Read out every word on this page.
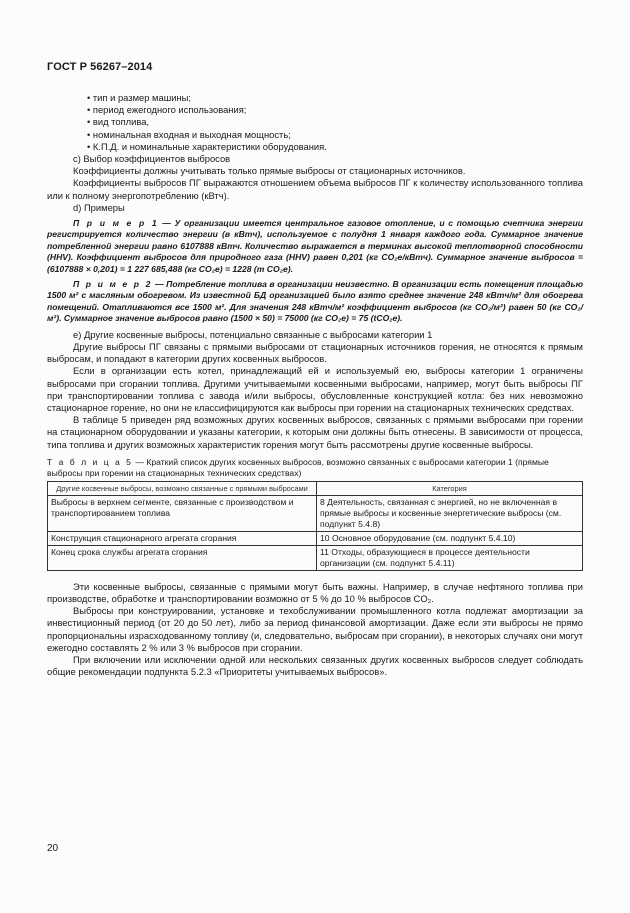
ГОСТ Р 56267–2014
• тип и размер машины;
• период ежегодного использования;
• вид топлива,
• номинальная входная и выходная мощность;
• К.П.Д. и номинальные характеристики оборудования.

c) Выбор коэффициентов выбросов

Коэффициенты должны учитывать только прямые выбросы от стационарных источников.

Коэффициенты выбросов ПГ выражаются отношением объема выбросов ПГ к количеству использованного топлива или к полному энергопотреблению (кВтч).

d) Примеры

П р и м е р 1 — У организации имеется центральное газовое отопление, и с помощью счетчика энергии регистрируется количество энергии (в кВтч), используемое с полудня 1 января каждого года. Суммарное значение потребленной энергии равно 6107888 кВтч. Количество выражается в терминах высокой теплотворной способности (HHV). Коэффициент выбросов для природного газа (HHV) равен 0,201 (кг CO₂е/кВтч). Суммарное значение выбросов = (6107888 × 0,201) = 1 227 685,488 (кг CO₂е) = 1228 (т CO₂е).

П р и м е р 2 — Потребление топлива в организации неизвестно. В организации есть помещения площадью 1500 м² с масляным обогревом. Из известной БД организацией было взято среднее значение 248 кВтч/м² для обогрева помещений. Отапливаются все 1500 м². Для значения 248 кВтч/м² коэффициент выбросов (кг CO₂/м²) равен 50 (кг CO₂/м²). Суммарное значение выбросов равно (1500 × 50) = 75000 (кг CO₂е) = 75 (tCO₂е).

e) Другие косвенные выбросы, потенциально связанные с выбросами категории 1

Другие выбросы ПГ связаны с прямыми выбросами от стационарных источников горения, не относятся к прямым выбросам, и попадают в категории других косвенных выбросов.

Если в организации есть котел, принадлежащий ей и используемый ею, выбросы категории 1 ограничены выбросами при сгорании топлива. Другими учитываемыми косвенными выбросами, например, могут быть выбросы ПГ при транспортировании топлива с завода и/или выбросы, обусловленные конструкцией котла: без них невозможно стационарное горение, но они не классифицируются как выбросы при горении на стационарных технических средствах.

В таблице 5 приведен ряд возможных других косвенных выбросов, связанных с прямыми выбросами при горении на стационарном оборудовании и указаны категории, к которым они должны быть отнесены. В зависимости от процесса, типа топлива и других возможных характеристик горения могут быть рассмотрены другие косвенные выбросы.

Т а б л и ц а 5 — Краткий список других косвенных выбросов, возможно связанных с выбросами категории 1 (прямые выбросы при горении на стационарных технических средствах)

Другие косвенные выбросы, возможно связанные с прямыми выбросами	Категория
Выбросы в верхнем сегменте, связанные с производством и транспортированием топлива	8 Деятельность, связанная с энергией, но не включенная в прямые выбросы и косвенные энергетические выбросы (см. подпункт 5.4.8)
Конструкция стационарного агрегата сгорания	10 Основное оборудование (см. подпункт 5.4.10)
Конец срока службы агрегата сгорания	11 Отходы, образующиеся в процессе деятельности организации (см. подпункт 5.4.11)

Эти косвенные выбросы, связанные с прямыми могут быть важны. Например, в случае нефтяного топлива при производстве, обработке и транспортировании возможно от 5 % до 10 % выбросов CO₂.

Выбросы при конструировании, установке и техобслуживании промышленного котла подлежат амортизации за инвестиционный период (от 20 до 50 лет), либо за период финансовой амортизации. Даже если эти выбросы не прямо пропорциональны израсходованному топливу (и, следовательно, выбросам при сгорании), в некоторых случаях они могут ежегодно составлять 2 % или 3 % выбросов при сгорании.

При включении или исключении одной или нескольких связанных других косвенных выбросов следует соблюдать общие рекомендации подпункта 5.2.3 «Приоритеты учитываемых выбросов».

20
